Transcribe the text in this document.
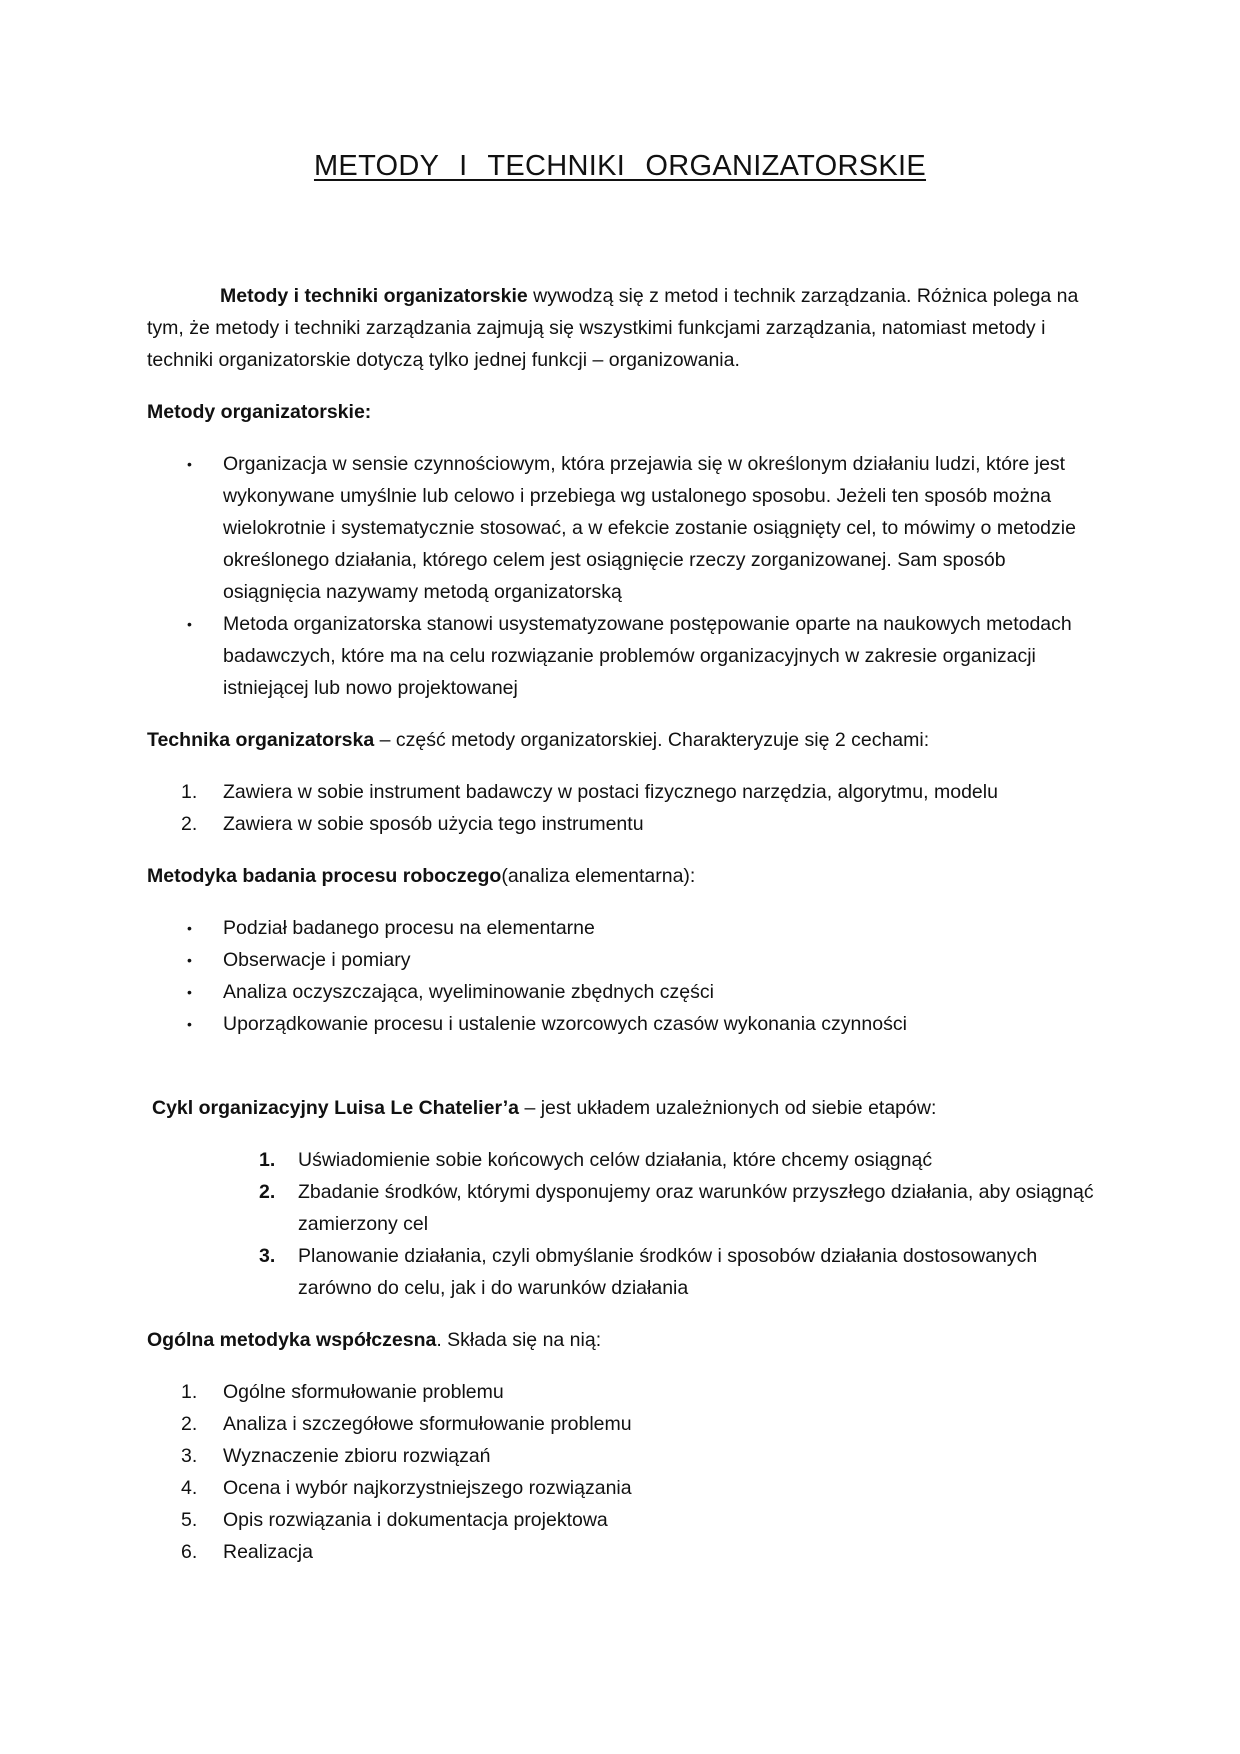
METODY I TECHNIKI ORGANIZATORSKIE

Metody i techniki organizatorskie wywodzą się z metod i technik zarządzania. Różnica polega na tym, że metody i techniki zarządzania zajmują się wszystkimi funkcjami zarządzania, natomiast metody i techniki organizatorskie dotyczą tylko jednej funkcji – organizowania.

Metody organizatorskie:

•	Organizacja w sensie czynnościowym, która przejawia się w określonym działaniu ludzi, które jest wykonywane umyślnie lub celowo i przebiega wg ustalonego sposobu. Jeżeli ten sposób można wielokrotnie i systematycznie stosować, a w efekcie zostanie osiągnięty cel, to mówimy o metodzie określonego działania, którego celem jest osiągnięcie rzeczy zorganizowanej. Sam sposób osiągnięcia nazywamy metodą organizatorską
•	Metoda organizatorska stanowi usystematyzowane postępowanie oparte na naukowych metodach badawczych, które ma na celu rozwiązanie problemów organizacyjnych w zakresie organizacji istniejącej lub nowo projektowanej

Technika organizatorska – część metody organizatorskiej. Charakteryzuje się 2 cechami:

1.	Zawiera w sobie instrument badawczy w postaci fizycznego narzędzia, algorytmu, modelu
2.	Zawiera w sobie sposób użycia tego instrumentu

Metodyka badania procesu roboczego(analiza elementarna):

•	Podział badanego procesu na elementarne
•	Obserwacje i pomiary
•	Analiza oczyszczająca, wyeliminowanie zbędnych części
•	Uporządkowanie procesu i ustalenie wzorcowych czasów wykonania czynności

Cykl organizacyjny Luisa Le Chatelier’a – jest układem uzależnionych od siebie etapów:

1.	Uświadomienie sobie końcowych celów działania, które chcemy osiągnąć
2.	Zbadanie środków, którymi dysponujemy oraz warunków przyszłego działania, aby osiągnąć zamierzony cel
3.	Planowanie działania, czyli obmyślanie środków i sposobów działania dostosowanych zarówno do celu, jak i do warunków działania

Ogólna metodyka współczesna. Składa się na nią:

1.	Ogólne sformułowanie problemu
2.	Analiza i szczegółowe sformułowanie problemu
3.	Wyznaczenie zbioru rozwiązań
4.	Ocena i wybór najkorzystniejszego rozwiązania
5.	Opis rozwiązania i dokumentacja projektowa
6.	Realizacja
